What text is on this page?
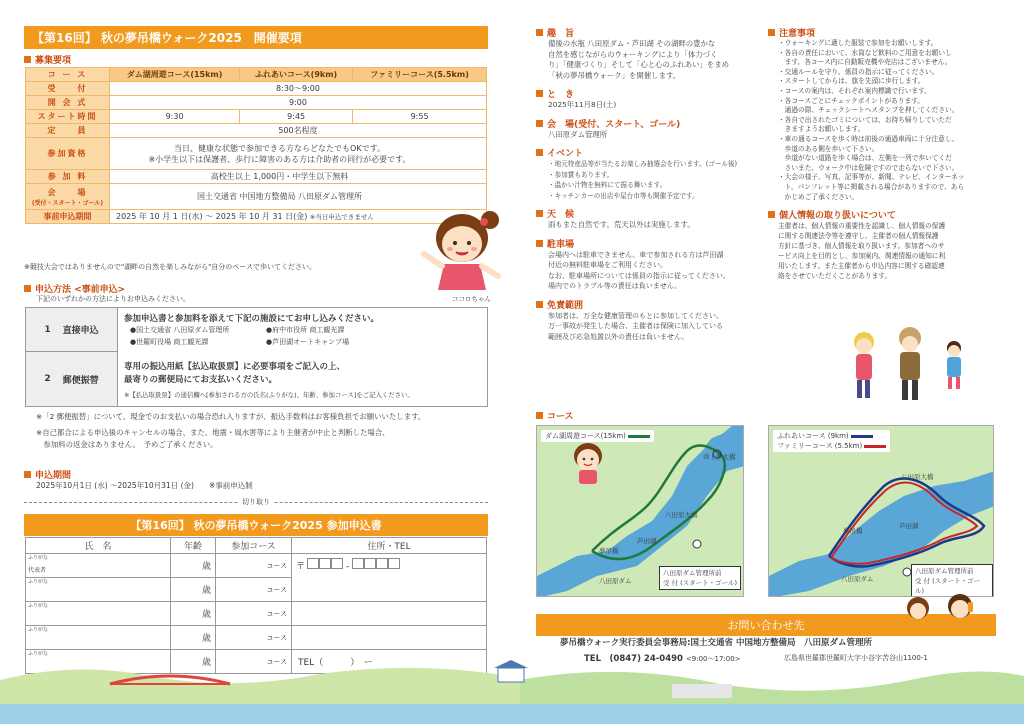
【第16回】 秋の夢吊橋ウォーク2025　開催要項
募集要項
コ ー ス	ダム湖周遊コース(15km)	ふれあいコース(9km)	ファミリーコース(5.5km)
受　　付	8:30〜9:00		
開 会 式	9:00		
スタート時間	9:30	9:45	9:55
定　　員	500名程度		
参加資格	当日、健康な状態で参加できる方ならどなたでもOKです。
※小学生以下は保護者、歩行に障害のある方は介助者の同行が必要です。		

参 加 料	高校生以上 1,000円・中学生以下無料		

会　　場
(受付・スタート・ゴール)	国土交通省 中国地方整備局 八田原ダム管理所		
事前申込期間	2025 年 10 月 1 日(水) 〜 2025 年 10 月 31 日(金) ※当日申込できません		
※競技大会ではありませんので"湖畔の自然を楽しみながら"自分のペースで歩いてください。
ココロちゃん
申込方法 <事前申込>
下記のいずれかの方法によりお申込みください。
1 直接申込
参加申込書と参加料を添えて下記の施設にてお申し込みください。
●国土交通省 八田原ダム管理所	●府中市役所 商工観光課
●世羅町役場 商工観光課	●芦田湖オートキャンプ場
2 郵便振替
専用の振込用紙【払込取扱票】に必要事項をご記入の上、
最寄りの郵便局にてお支払いください。
※【払込取扱票】の通信欄へ[参加される方の氏名(ふりがな)、年齢、参加コース]をご記入ください。
※「2 郵便振替」について、現金でのお支払いの場合恐れ入りますが、振込手数料はお客様負担でお願いいたします。
※自己都合による申込後のキャンセルの場合、また、地震・風水害等により主催者が中止と判断した場合、
　参加料の返金はありません。　予めご了承ください。
申込期間
2025年10月1日 (水) 〜2025年10月31日 (金)　　 ※事前申込制
切り取り
【第16回】 秋の夢吊橋ウォーク2025 参加申込書
氏　名	年齢	参加コース	住所・TEL

ふりがな
代表者	歳	コース	〒 -

ふりがな	歳	コース	

ふりがな	歳	コース	

ふりがな	歳	コース	

ふりがな	歳	コース	TEL（　　　）　ー
趣　旨
備後の水瓶 八田原ダム・芦田湖 その湖畔の豊かな
自然を感じながらのウォーキングにより「体力づく
り」「健康づくり」そして「心と心のふれあい」をまめ
「秋の夢吊橋ウォーク」を開催します。
と　き
2025年11月8日(土)
会　場(受付、スタート、ゴール)
八田原ダム管理所
イベント
・地元特産品等が当たるお楽しみ抽選会を行います。(ゴール後)
・参加賞もあります。
・温かい汁物を無料にて振る舞います。
・キッチンカーの出店や屋台市等も開催予定です。
天　候
雨もまた自然です。荒天以外は実施します。
駐車場
会場内へは駐車できません。車で参加される方は芦田湖
付近の無料駐車場をご利用ください。
なお、駐車場所については係員の指示に従ってください。
場内でのトラブル等の責任は負いません。
免責範囲
参加者は、万全な健康管理のもとに参加してください。
万一事故が発生した場合、主催者は保険に加入している
範囲及び応急処置以外の責任は負いません。
コース
ダム湖周遊コース(15km)
井上夢大橋
八田原大橋
芦田湖
夢吊橋
八田原ダム
八田原ダム管理所前
受 付 (スタート・ゴール)
ふれあいコース (9km)
ファミリーコース (5.5km)
八田原大橋
芦田湖
夢吊橋
八田原ダム
八田原ダム管理所前
受 付 (スタート・ゴール)
注意事項
・ウォーキングに適した服装で参加をお願いします。
・各自の責任において、水筒など飲料のご用意をお願いし
　ます。各コース内に自動販売機や売店はございません。
・交通ルールを守り、係員の指示に従ってください。
・スタートしてからは、旗を先頭に歩行します。
・コースの案内は、それぞれ案内標識で行います。
・各コースごとにチェックポイントがあります。
　通過の際、チェックシートへスタンプを押してください。
・各自で出されたゴミについては、お持ち帰りしていただ
　きますようお願いします。
・車の通るコースを歩く時は前後の通過車両に十分注意し、
　歩道のある側を歩いて下さい。
　歩道がない道路を歩く場合は、左側を一列で歩いてくだ
　さいまた、ウォーク中は危険ですので走らないで下さい。
・大会の様子、写真、記事等が、新聞、テレビ、インターネッ
　ト、パンフレット等に掲載される場合がありますので、あら
　かじめご了承ください。
個人情報の取り扱いについて
主催者は、個人情報の重要性を認識し、個人情報の保護
に関する関連法令等を遵守し、主催者の個人情報保護
方針に基づき、個人情報を取り扱います。参加者へのサ
ービス向上を目的とし、参加案内、関連情報の通知に利
用いたします。また主催者から申込内容に関する確認連
絡をさせていただくことがあります。
お問い合わせ先
夢吊橋ウォーク実行委員会事務局:国土交通省 中国地方整備局　八田原ダム管理所
TEL　 (0847) 24-0490 <9:00〜17:00>	広島県世羅郡世羅町大字小谷字苦谷山1100-1
